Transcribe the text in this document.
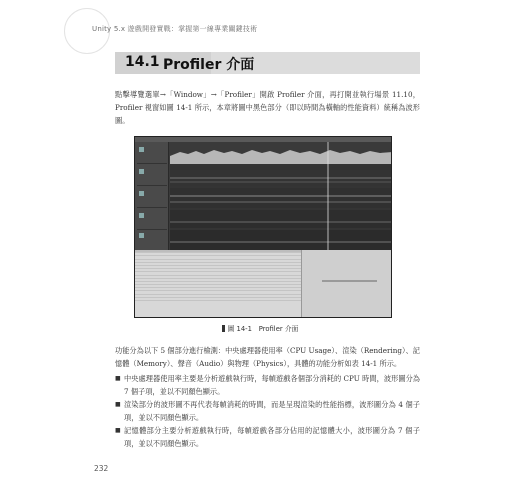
Unity 5.x 遊戲開發實戰：掌握第一線專業關鍵技術
14.1 Profiler 介面

點擊導覽選單→「Window」→「Profiler」開啟 Profiler 介面，再打開並執行場景 11.10，Profiler 視窗如圖 14-1 所示，本章將圖中黑色部分（即以時間為橫軸的性能資料）統稱為波形圖。

圖 14-1　Profiler 介面

功能分為以下 5 個部分進行檢測：中央處理器使用率（CPU Usage）、渲染（Rendering）、記憶體（Memory）、聲音（Audio）與物理（Physics），具體的功能分析如表 14-1 所示。

■ 中央處理器使用率主要是分析遊戲執行時，每幀遊戲各個部分消耗的 CPU 時間，波形圖分為 7 個子項，並以不同顏色顯示。

■ 渲染部分的波形圖不再代表每幀消耗的時間，而是呈現渲染的性能指標，波形圖分為 4 個子項，並以不同顏色顯示。

■ 記憶體部分主要分析遊戲執行時，每幀遊戲各部分佔用的記憶體大小，波形圖分為 7 個子項，並以不同顏色顯示。

232
